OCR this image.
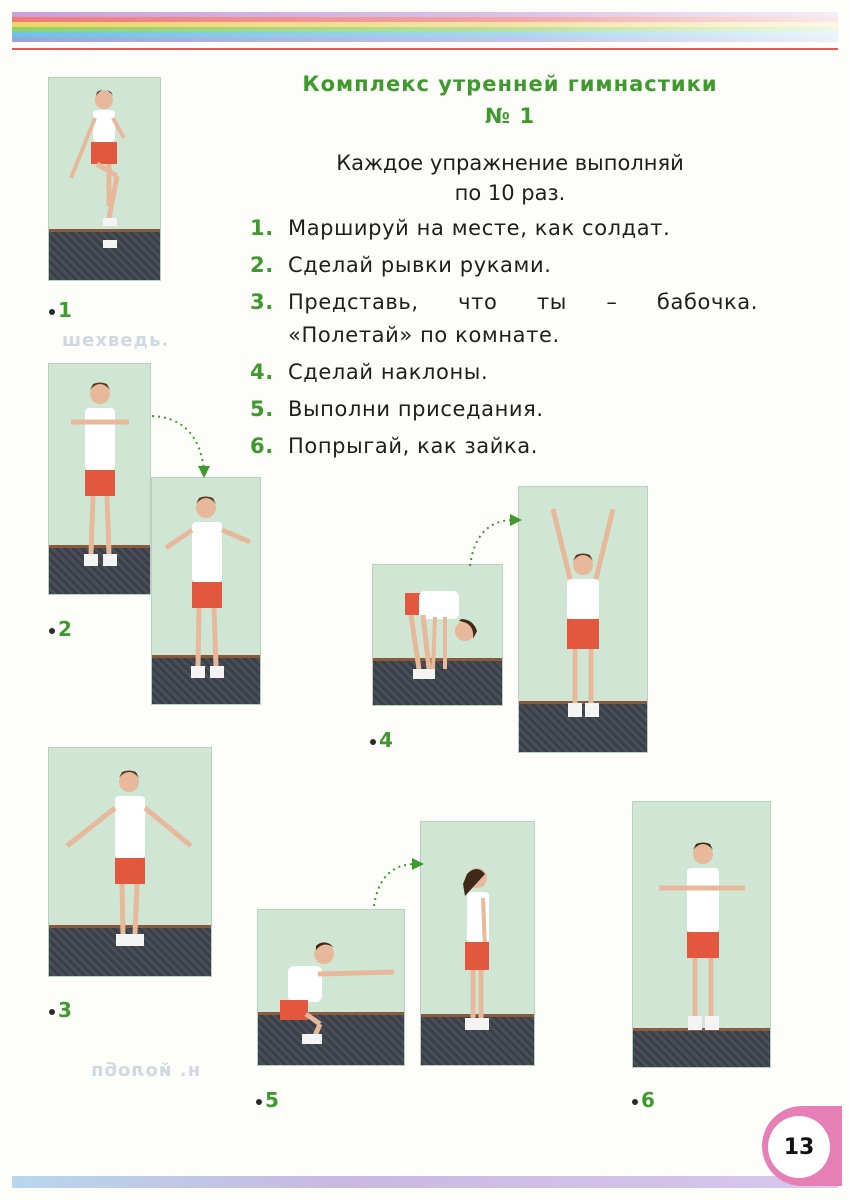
шехведь.
н. йолобп
Комплекс утренней гимнастики
№ 1
Каждое упражнение выполняй
по 10 раз.
1. Маршируй на месте, как солдат.
2. Сделай рывки руками.
3. Представь, что ты – бабочка. «Полетай» по комнате.
4. Сделай наклоны.
5. Выполни приседания.
6. Попрыгай, как зайка.
1
2
3
4
5	6
13
